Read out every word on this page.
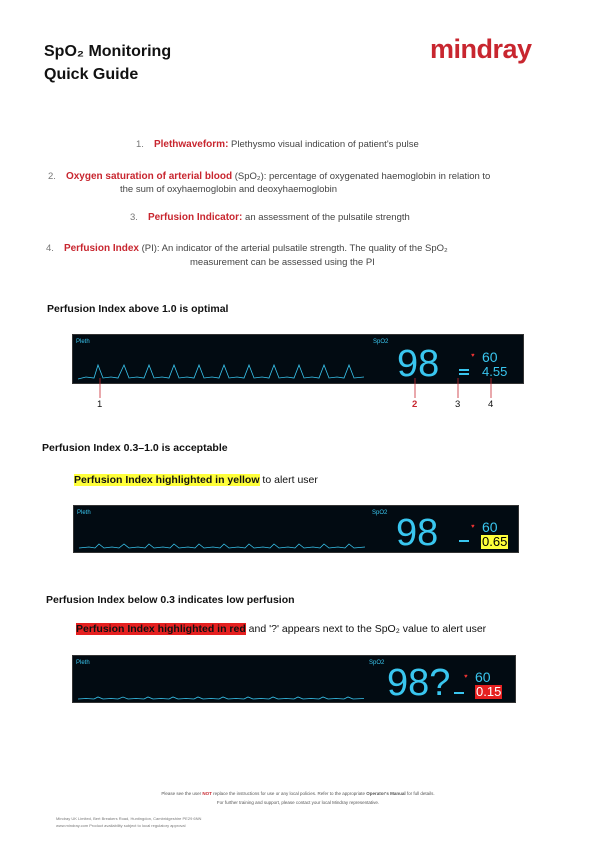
SpO₂ Monitoring
Quick Guide
mindray
1. Plethwaveform: Plethysmo visual indication of patient's pulse
2. Oxygen saturation of arterial blood (SpO₂): percentage of oxygenated haemoglobin in relation to
the sum of oxyhaemoglobin and deoxyhaemoglobin
3. Perfusion Indicator: an assessment of the pulsatile strength
4. Perfusion Index (PI): An indicator of the arterial pulsatile strength. The quality of the SpO₂
measurement can be assessed using the PI
Perfusion Index above 1.0 is optimal
Pleth	SpO2
98	♥ 60
4.55
1	2	3	4
Perfusion Index 0.3–1.0 is acceptable
Perfusion Index highlighted in yellow to alert user
Pleth	SpO2 98	♥ 60
0.65
Perfusion Index below 0.3 indicates low perfusion
Perfusion Index highlighted in red and '?' appears next to the SpO₂ value to alert user
Pleth	SpO2 98? ♥ 60
0.15
Please see the user NOT replace the instructions for use or any local policies. Refer to the appropriate Operator's Manual for full details.
For further training and support, please contact your local Mindray representative.
Mindray UK Limited, Bert Breakers Road, Huntingdon, Cambridgeshire PE29 6NN
www.mindray.com Product availability subject to local regulatory approval
